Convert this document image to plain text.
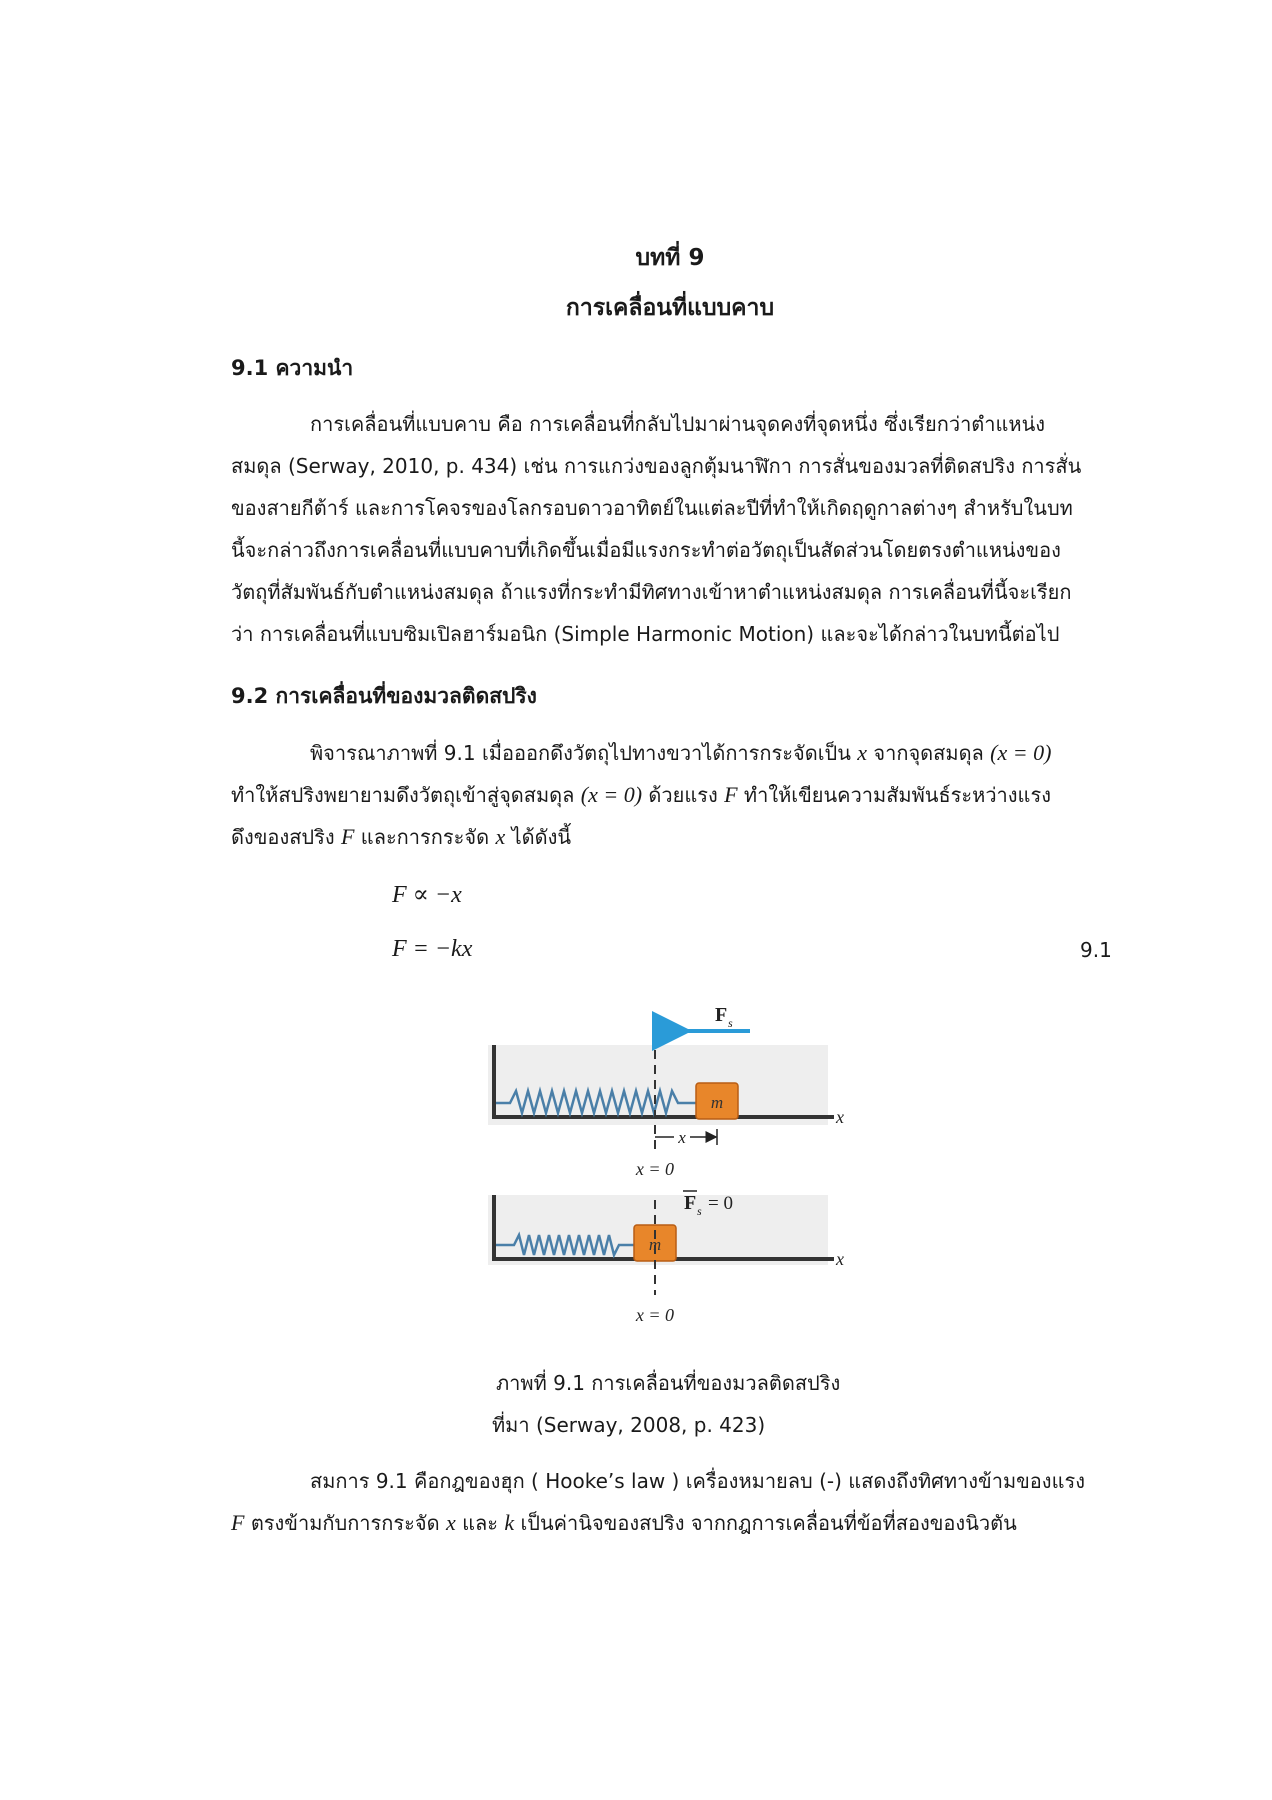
บทที่ 9
การเคลื่อนที่แบบคาบ
9.1 ความนำ
การเคลื่อนที่แบบคาบ คือ การเคลื่อนที่กลับไปมาผ่านจุดคงที่จุดหนึ่ง ซึ่งเรียกว่าตำแหน่ง
สมดุล (Serway, 2010, p. 434) เช่น การแกว่งของลูกตุ้มนาฬิกา การสั่นของมวลที่ติดสปริง การสั่น
ของสายกีต้าร์ และการโคจรของโลกรอบดาวอาทิตย์ในแต่ละปีที่ทำให้เกิดฤดูกาลต่างๆ สำหรับในบท
นี้จะกล่าวถึงการเคลื่อนที่แบบคาบที่เกิดขึ้นเมื่อมีแรงกระทำต่อวัตถุเป็นสัดส่วนโดยตรงตำแหน่งของ
วัตถุที่สัมพันธ์กับตำแหน่งสมดุล ถ้าแรงที่กระทำมีทิศทางเข้าหาตำแหน่งสมดุล การเคลื่อนที่นี้จะเรียก
ว่า การเคลื่อนที่แบบซิมเปิลฮาร์มอนิก (Simple Harmonic Motion) และจะได้กล่าวในบทนี้ต่อไป
9.2 การเคลื่อนที่ของมวลติดสปริง
พิจารณาภาพที่ 9.1 เมื่อออกดึงวัตถุไปทางขวาได้การกระจัดเป็น x จากจุดสมดุล (x = 0)
ทำให้สปริงพยายามดึงวัตถุเข้าสู่จุดสมดุล (x = 0) ด้วยแรง F ทำให้เขียนความสัมพันธ์ระหว่างแรง
ดึงของสปริง F และการกระจัด x ได้ดังนี้
F ∝ −x
F = −kx	9.1
m
F s
x
x
x = 0
m
F s = 0
x
x = 0
ภาพที่ 9.1 การเคลื่อนที่ของมวลติดสปริง
ที่มา (Serway, 2008, p. 423)
สมการ 9.1 คือกฎของฮุก ( Hooke’s law ) เครื่องหมายลบ (-) แสดงถึงทิศทางข้ามของแรง
F ตรงข้ามกับการกระจัด x และ k เป็นค่านิจของสปริง จากกฎการเคลื่อนที่ข้อที่สองของนิวตัน
